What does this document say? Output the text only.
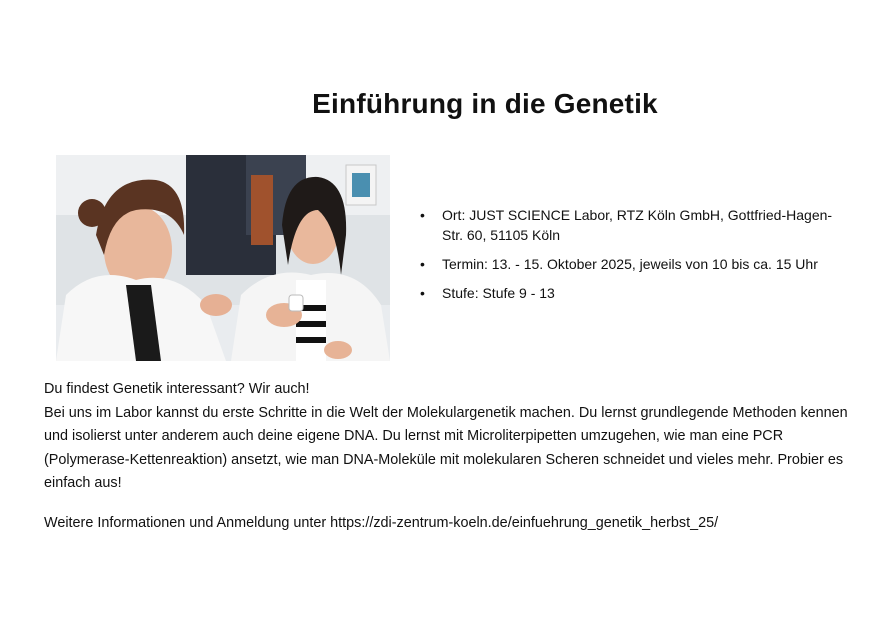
Einführung in die Genetik
• Ort: JUST SCIENCE Labor, RTZ Köln GmbH, Gottfried-Hagen-Str. 60, 51105 Köln
• Termin: 13. - 15. Oktober 2025, jeweils von 10 bis ca. 15 Uhr
• Stufe: Stufe 9 - 13

Du findest Genetik interessant? Wir auch!

Bei uns im Labor kannst du erste Schritte in die Welt der Molekulargenetik machen. Du lernst grundlegende Methoden kennen und isolierst unter anderem auch deine eigene DNA. Du lernst mit Microliterpipetten umzugehen, wie man eine PCR (Polymerase-Kettenreaktion) ansetzt, wie man DNA-Moleküle mit molekularen Scheren schneidet und vieles mehr. Probier es einfach aus!

Weitere Informationen und Anmeldung unter https://zdi-zentrum-koeln.de/einfuehrung_genetik_herbst_25/
